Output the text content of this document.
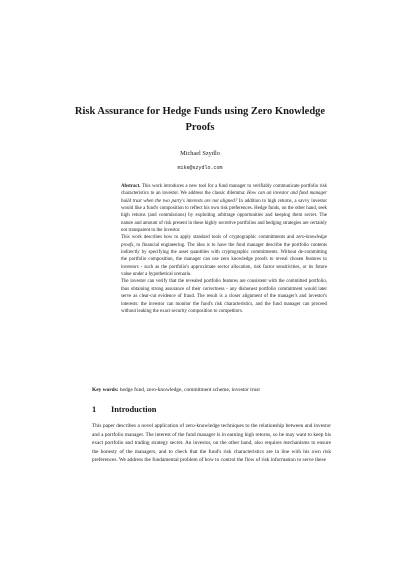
Risk Assurance for Hedge Funds using Zero Knowledge Proofs
Michael Szydlo
mike@szydlo.com

Abstract. This work introduces a new tool for a fund manager to verifiably communicate portfolio risk characteristics to an investor. We address the classic dilemma: How can an investor and fund manager build trust when the two party's interests are not aligned? In addition to high returns, a savvy investor would like a fund's composition to reflect his own risk preferences. Hedge funds, on the other hand, seek high returns (and commissions) by exploiting arbitrage opportunities and keeping them secret. The nature and amount of risk present in these highly secretive portfolios and hedging strategies are certainly not transparent to the investor.

This work describes how to apply standard tools of cryptographic commitments and zero-knowledge proofs, to financial engineering. The idea is to have the fund manager describe the portfolio contents indirectly by specifying the asset quantities with cryptographic commitments. Without de-committing the portfolio composition, the manager can use zero knowledge proofs to reveal chosen features to investors - such as the portfolio's approximate sector allocation, risk factor sensitivities, or its future value under a hypothetical scenario.

The investor can verify that the revealed portfolio features are consistent with the committed portfolio, thus obtaining strong assurance of their correctness - any dishonest portfolio commitment would later serve as clear-cut evidence of fraud. The result is a closer alignment of the manager's and investor's interests: the investor can monitor the fund's risk characteristics, and the fund manager can proceed without leaking the exact security composition to competitors.

Key words: hedge fund, zero-knowledge, commitment scheme, investor trust
1 Introduction
This paper describes a novel application of zero-knowledge techniques to the relationship between and investor and a portfolio manager. The interest of the fund manager is in earning high returns, so he may want to keep his exact portfolio and trading strategy secret. An investor, on the other hand, also requires mechanisms to ensure the honesty of the managers, and to check that the fund's risk characteristics are in line with his own risk preferences. We address the fundamental problem of how to control the flow of risk information to serve these
